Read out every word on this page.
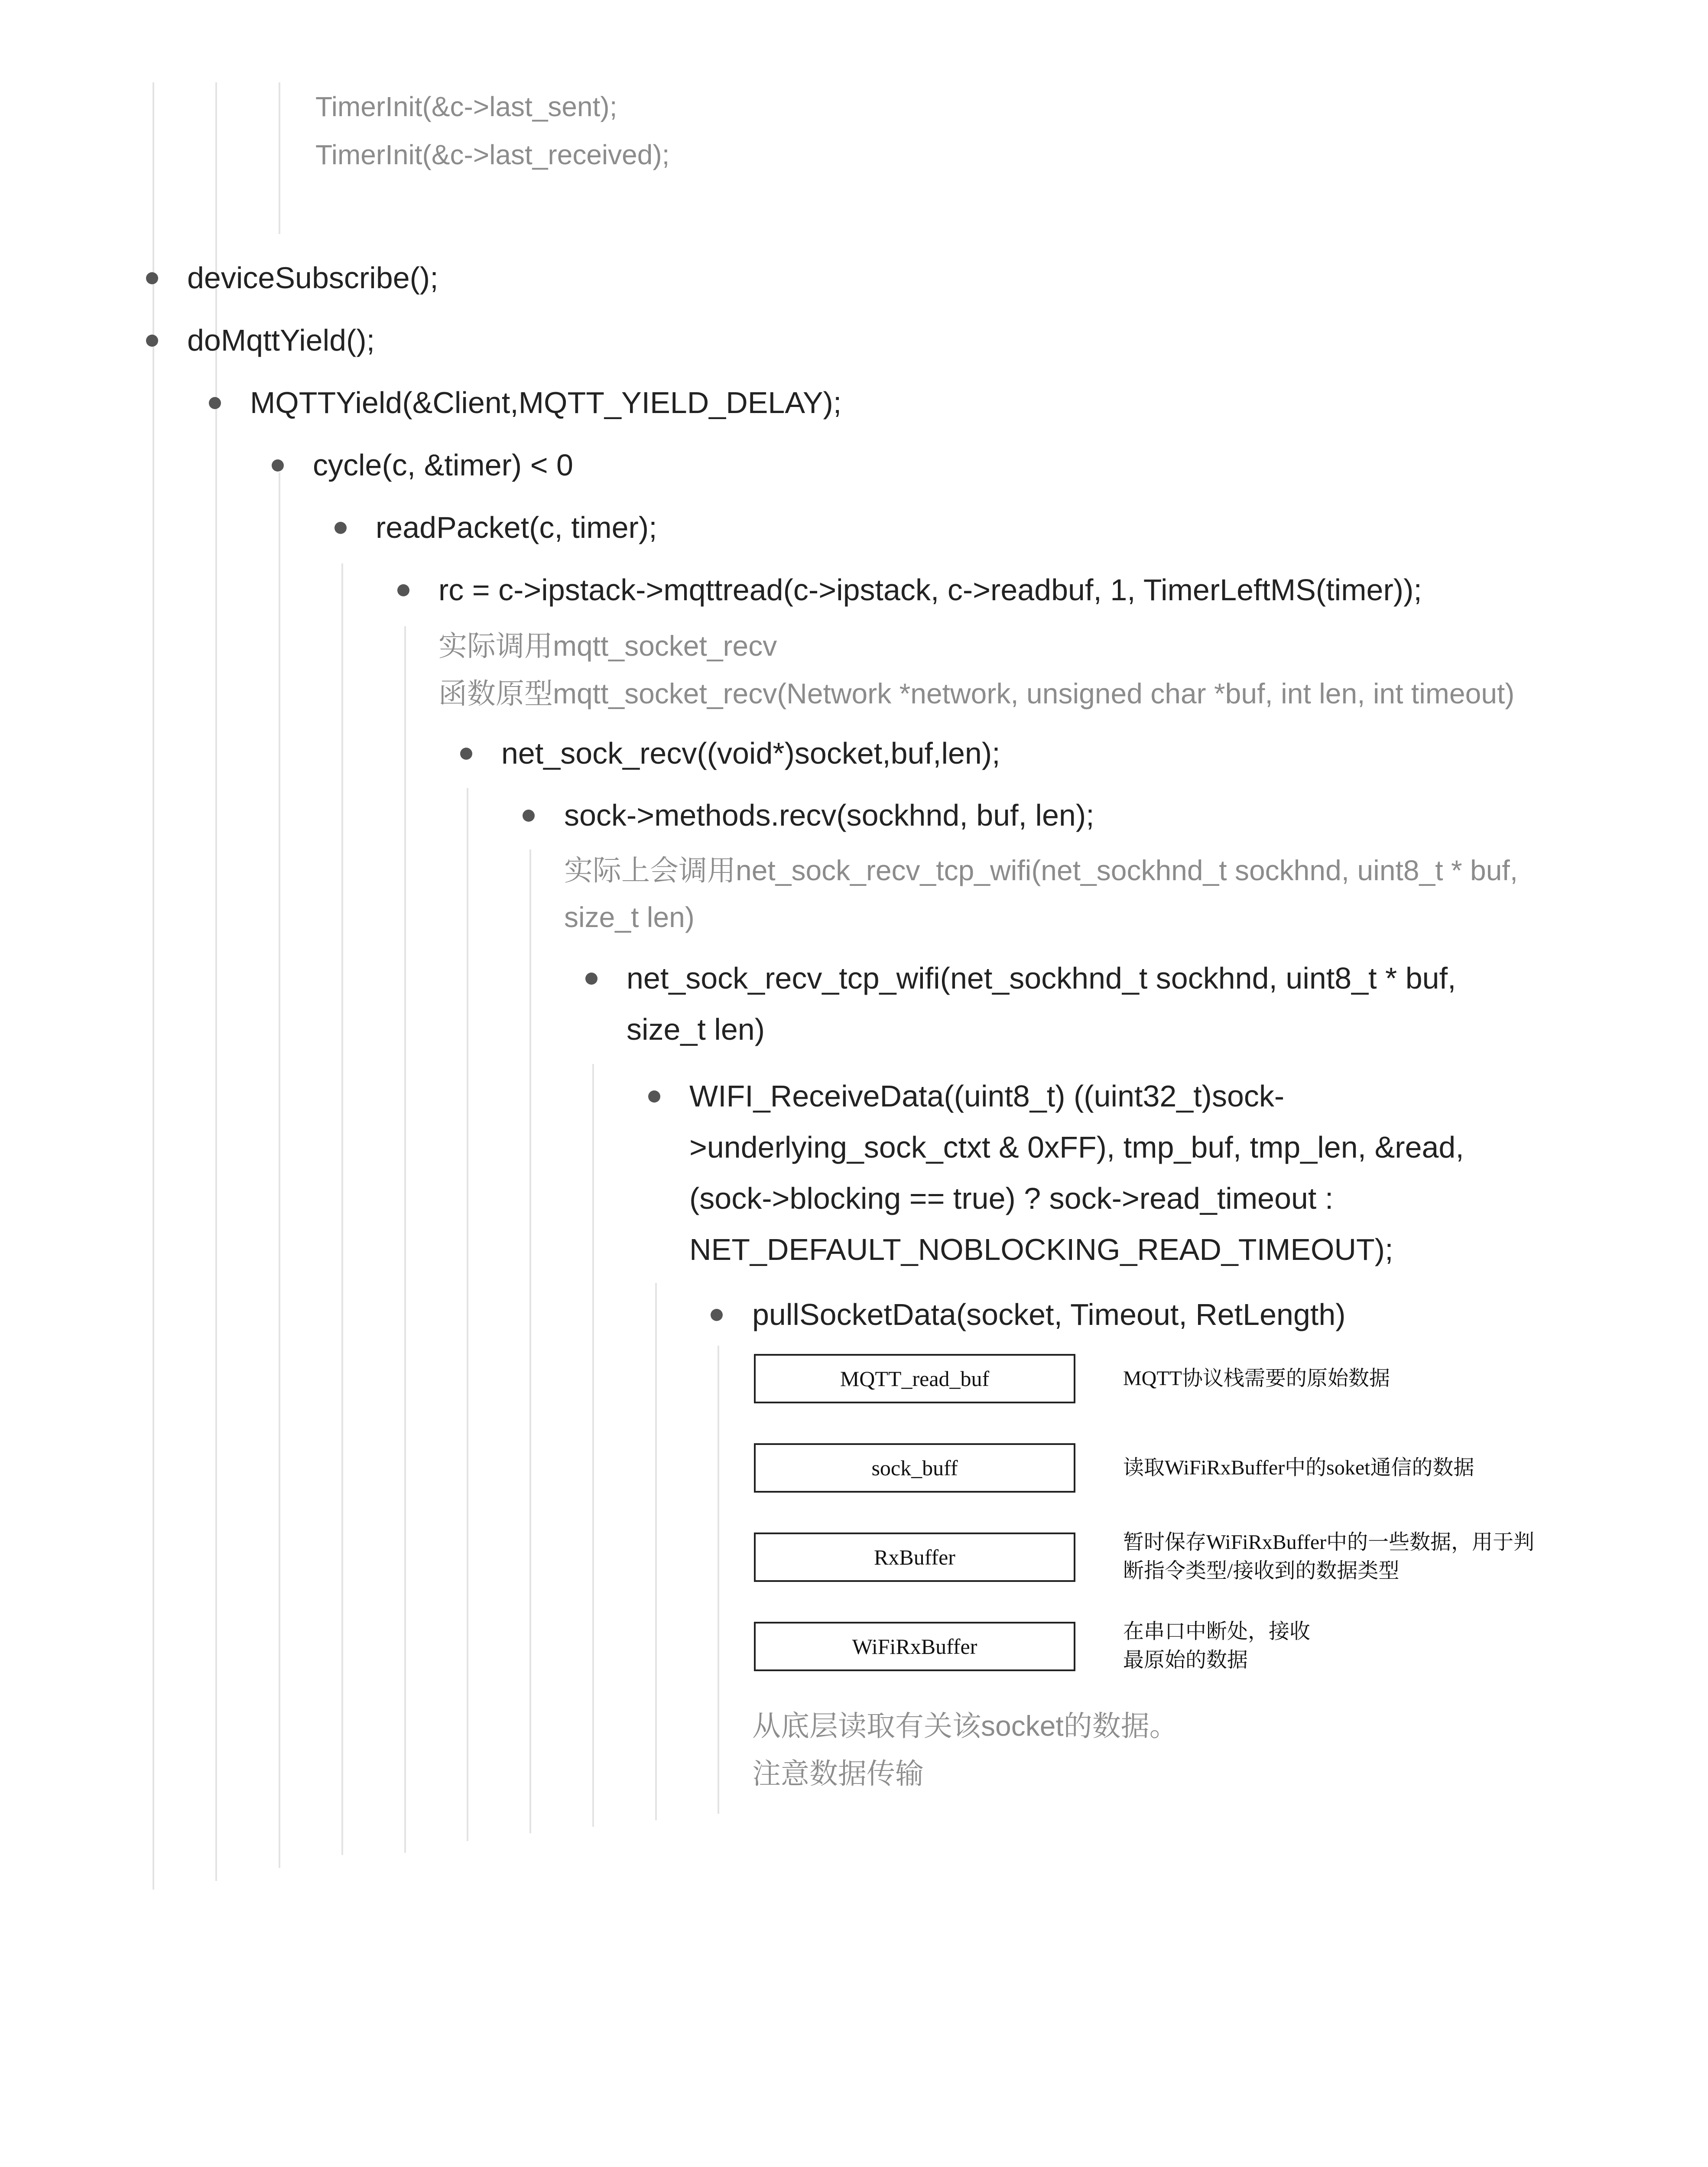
TimerInit(&c->last_sent);
TimerInit(&c->last_received);
deviceSubscribe();
doMqttYield();
MQTTYield(&Client,MQTT_YIELD_DELAY);
cycle(c, &timer) < 0
readPacket(c, timer);
rc = c->ipstack->mqttread(c->ipstack, c->readbuf, 1, TimerLeftMS(timer));
实际调用mqtt_socket_recv
函数原型mqtt_socket_recv(Network *network, unsigned char *buf, int len, int timeout)
net_sock_recv((void*)socket,buf,len);
sock->methods.recv(sockhnd, buf, len);
实际上会调用net_sock_recv_tcp_wifi(net_sockhnd_t sockhnd, uint8_t * buf,
size_t len)
net_sock_recv_tcp_wifi(net_sockhnd_t sockhnd, uint8_t * buf,
size_t len)
WIFI_ReceiveData((uint8_t) ((uint32_t)sock-
>underlying_sock_ctxt & 0xFF), tmp_buf, tmp_len, &read,
(sock->blocking == true) ? sock->read_timeout :
NET_DEFAULT_NOBLOCKING_READ_TIMEOUT);
pullSocketData(socket, Timeout, RetLength)
MQTT_read_buf	MQTT协议栈需要的原始数据
sock_buff	读取WiFiRxBuffer中的soket通信的数据
RxBuffer
暂时保存WiFiRxBuffer中的一些数据，用于判
断指令类型/接收到的数据类型
WiFiRxBuffer
在串口中断处，接收
最原始的数据
从底层读取有关该socket的数据。
注意数据传输
